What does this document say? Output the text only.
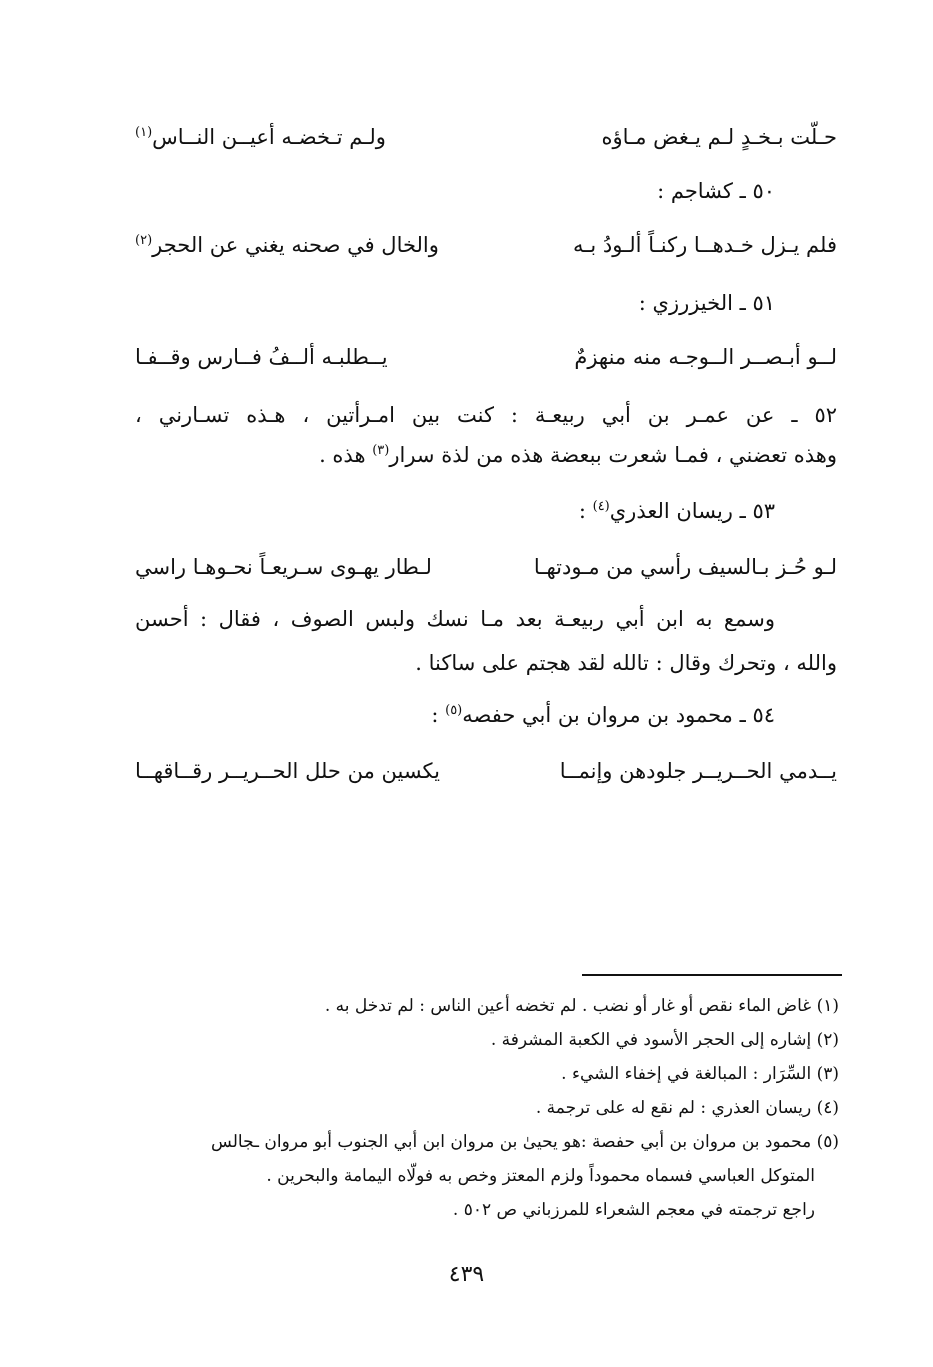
حـلّت بـخـدٍ لـم يـغض مـاؤه
ولـم تـخضـه أعيــن النــاس$^{(١)}$
٥٠ ـ كشاجم :
فلم يـزل خـدهــا ركنـاً ألـودُ بـه
والخال في صحنه يغني عن الحجر$^{(٢)}$
٥١ ـ الخيزرزي :
لــو أبـصــر الــوجـه منه منهزمٌ
يــطلبـه ألــفُ فــارس وقــفـا
٥٢ ـ عن عمـر بن أبي ربيعـة : كنت بين امـرأتين ، هـذه تسـارني ،
وهذه تعضني ، فمـا شعرت ببعضة هذه من لذة سرار$^{(٣)}$ هذه .
٥٣ ـ ريسان العذري$^{(٤)}$ :
لـو حُـز بـالسيف رأسي من مـودتهـا
لـطار يهـوى سـريعـاً نحـوهـا راسي
وسمع به ابن أبي ربيعـة بعد مـا نسك ولبس الصوف ، فقال : أحسن
والله ، وتحرك وقال : تالله لقد هجتم على ساكنا .
٥٤ ـ محمود بن مروان بن أبي حفصه$^{(٥)}$ :
يــدمي الحــريــر جلودهن وإنمــا
يكسين من حلل الحــريــر رقــاقهــا
(١) غاض الماء نقص أو غار أو نضب . لم تخضه أعين الناس : لم تدخل به .
(٢) إشاره إلى الحجر الأسود في الكعبة المشرفة .
(٣) السِّرَار : المبالغة في إخفاء الشيء .
(٤) ريسان العذري : لم نقع له على ترجمة .
(٥) محمود بن مروان بن أبي حفصة :هو يحيىٰ بن مروان ابن أبي الجنوب أبو مروان ـجالس
المتوكل العباسي فسماه محموداً ولزم المعتز وخص به فولّاه اليمامة والبحرين .
راجع ترجمته في معجم الشعراء للمرزباني ص ٥٠٢ .
٤٣٩
